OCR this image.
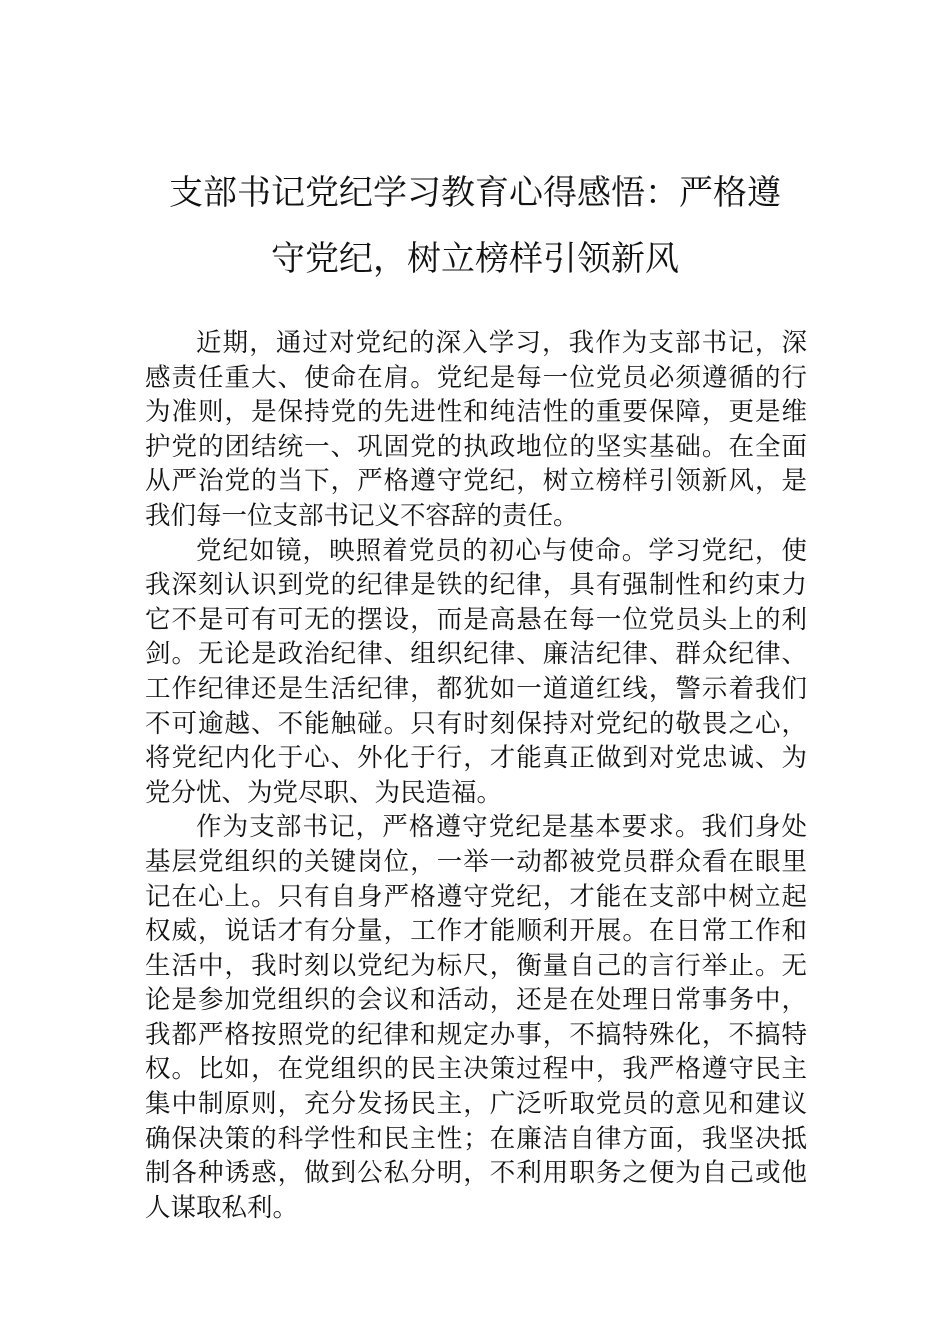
支部书记党纪学习教育心得感悟：严格遵
守党纪，树立榜样引领新风

近期，通过对党纪的深入学习，我作为支部书记，深感责任重大、使命在肩。党纪是每一位党员必须遵循的行为准则，是保持党的先进性和纯洁性的重要保障，更是维护党的团结统一、巩固党的执政地位的坚实基础。在全面从严治党的当下，严格遵守党纪，树立榜样引领新风，是我们每一位支部书记义不容辞的责任。

党纪如镜，映照着党员的初心与使命。学习党纪，使我深刻认识到党的纪律是铁的纪律，具有强制性和约束力它不是可有可无的摆设，而是高悬在每一位党员头上的利剑。无论是政治纪律、组织纪律、廉洁纪律、群众纪律、工作纪律还是生活纪律，都犹如一道道红线，警示着我们不可逾越、不能触碰。只有时刻保持对党纪的敬畏之心，将党纪内化于心、外化于行，才能真正做到对党忠诚、为党分忧、为党尽职、为民造福。

作为支部书记，严格遵守党纪是基本要求。我们身处基层党组织的关键岗位，一举一动都被党员群众看在眼里记在心上。只有自身严格遵守党纪，才能在支部中树立起权威，说话才有分量，工作才能顺利开展。在日常工作和生活中，我时刻以党纪为标尺，衡量自己的言行举止。无论是参加党组织的会议和活动，还是在处理日常事务中，我都严格按照党的纪律和规定办事，不搞特殊化，不搞特权。比如，在党组织的民主决策过程中，我严格遵守民主集中制原则，充分发扬民主，广泛听取党员的意见和建议确保决策的科学性和民主性；在廉洁自律方面，我坚决抵制各种诱惑，做到公私分明，不利用职务之便为自己或他人谋取私利。
